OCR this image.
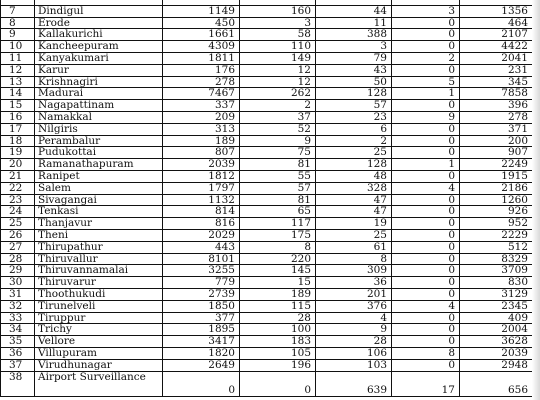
7	Dindigul	1149	160	44	3	1356
8	Erode	450	3	11	0	464
9	Kallakurichi	1661	58	388	0	2107
10	Kancheepuram	4309	110	3	0	4422
11	Kanyakumari	1811	149	79	2	2041
12	Karur	176	12	43	0	231
13	Krishnagiri	278	12	50	5	345
14	Madurai	7467	262	128	1	7858
15	Nagapattinam	337	2	57	0	396
16	Namakkal	209	37	23	9	278
17	Nilgiris	313	52	6	0	371
18	Perambalur	189	9	2	0	200
19	Pudukottai	807	75	25	0	907
20	Ramanathapuram	2039	81	128	1	2249
21	Ranipet	1812	55	48	0	1915
22	Salem	1797	57	328	4	2186
23	Sivagangai	1132	81	47	0	1260
24	Tenkasi	814	65	47	0	926
25	Thanjavur	816	117	19	0	952
26	Theni	2029	175	25	0	2229
27	Thirupathur	443	8	61	0	512
28	Thiruvallur	8101	220	8	0	8329
29	Thiruvannamalai	3255	145	309	0	3709
30	Thiruvarur	779	15	36	0	830
31	Thoothukudi	2739	189	201	0	3129
32	Tirunelveli	1850	115	376	4	2345
33	Tiruppur	377	28	4	0	409
34	Trichy	1895	100	9	0	2004
35	Vellore	3417	183	28	0	3628
36	Villupuram	1820	105	106	8	2039
37	Virudhunagar	2649	196	103	0	2948
38	Airport Surveillance	0	0	639	17	656
